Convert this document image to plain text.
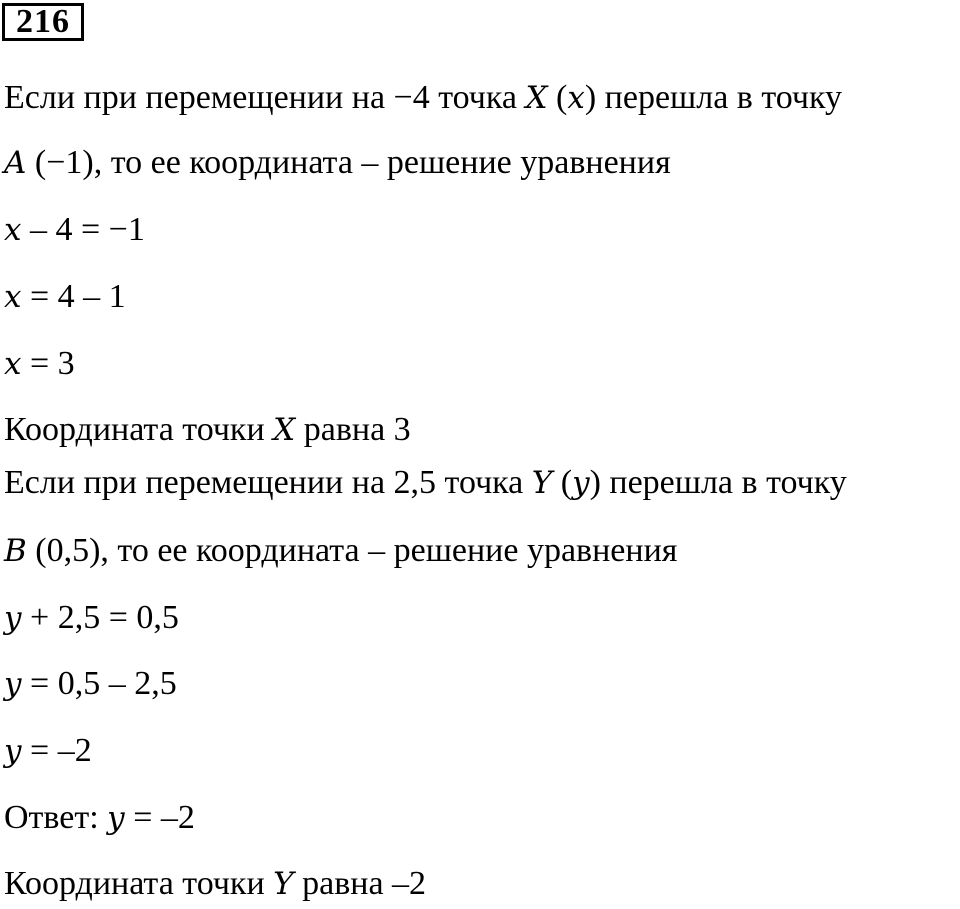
216
Если при перемещении на −4 точка X (x) перешла в точку
A (−1), то ее координата – решение уравнения
x – 4 = −1
x = 4 – 1
x = 3
Координата точки X равна 3
Если при перемещении на 2,5 точка Y (y) перешла в точку
B (0,5), то ее координата – решение уравнения
y + 2,5 = 0,5
y = 0,5 – 2,5
y = –2
Ответ: y = –2
Координата точки Y равна –2
